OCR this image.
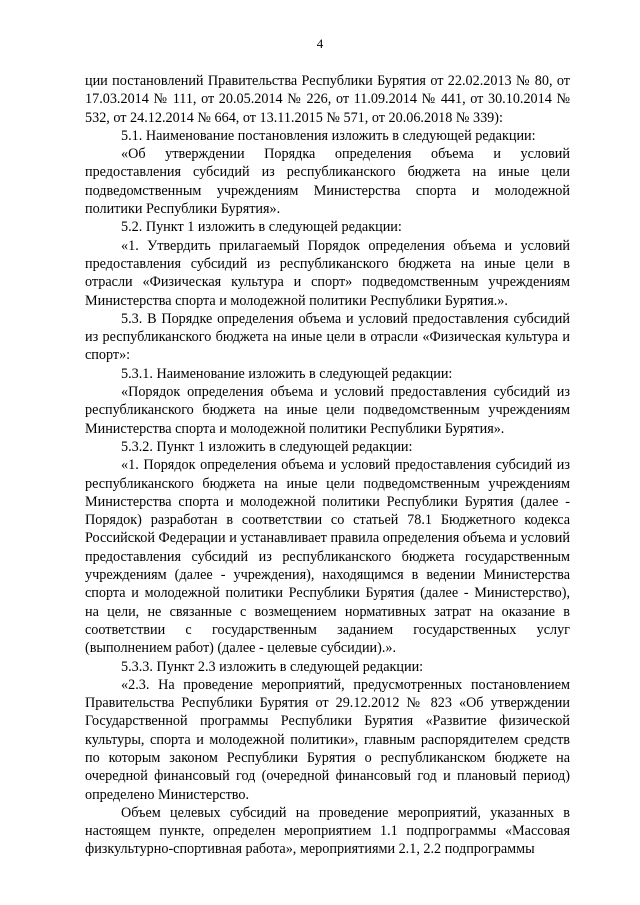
4

ции постановлений Правительства Республики Бурятия от 22.02.2013 № 80, от 17.03.2014 № 111, от 20.05.2014 № 226, от 11.09.2014 № 441, от 30.10.2014 № 532, от 24.12.2014 № 664, от 13.11.2015 № 571, от 20.06.2018 № 339):

5.1. Наименование постановления изложить в следующей редакции:

«Об утверждении Порядка определения объема и условий предоставления субсидий из республиканского бюджета на иные цели подведомственным учреждениям Министерства спорта и молодежной политики Республики Бурятия».

5.2. Пункт 1 изложить в следующей редакции:

«1. Утвердить прилагаемый Порядок определения объема и условий предоставления субсидий из республиканского бюджета на иные цели в отрасли «Физическая культура и спорт» подведомственным учреждениям Министерства спорта и молодежной политики Республики Бурятия.».

5.3. В Порядке определения объема и условий предоставления субсидий из республиканского бюджета на иные цели в отрасли «Физическая культура и спорт»:

5.3.1. Наименование изложить в следующей редакции:

«Порядок определения объема и условий предоставления субсидий из республиканского бюджета на иные цели подведомственным учреждениям Министерства спорта и молодежной политики Республики Бурятия».

5.3.2. Пункт 1 изложить в следующей редакции:

«1. Порядок определения объема и условий предоставления субсидий из республиканского бюджета на иные цели подведомственным учреждениям Министерства спорта и молодежной политики Республики Бурятия (далее - Порядок) разработан в соответствии со статьей 78.1 Бюджетного кодекса Российской Федерации и устанавливает правила определения объема и условий предоставления субсидий из республиканского бюджета государственным учреждениям (далее - учреждения), находящимся в ведении Министерства спорта и молодежной политики Республики Бурятия (далее - Министерство), на цели, не связанные с возмещением нормативных затрат на оказание в соответствии с государственным заданием государственных услуг (выполнением работ) (далее - целевые субсидии).».

5.3.3. Пункт 2.3 изложить в следующей редакции:

«2.3. На проведение мероприятий, предусмотренных постановлением Правительства Республики Бурятия от 29.12.2012 № 823 «Об утверждении Государственной программы Республики Бурятия «Развитие физической культуры, спорта и молодежной политики», главным распорядителем средств по которым законом Республики Бурятия о республиканском бюджете на очередной финансовый год (очередной финансовый год и плановый период) определено Министерство.

Объем целевых субсидий на проведение мероприятий, указанных в настоящем пункте, определен мероприятием 1.1 подпрограммы «Массовая физкультурно-спортивная работа», мероприятиями 2.1, 2.2 подпрограммы
